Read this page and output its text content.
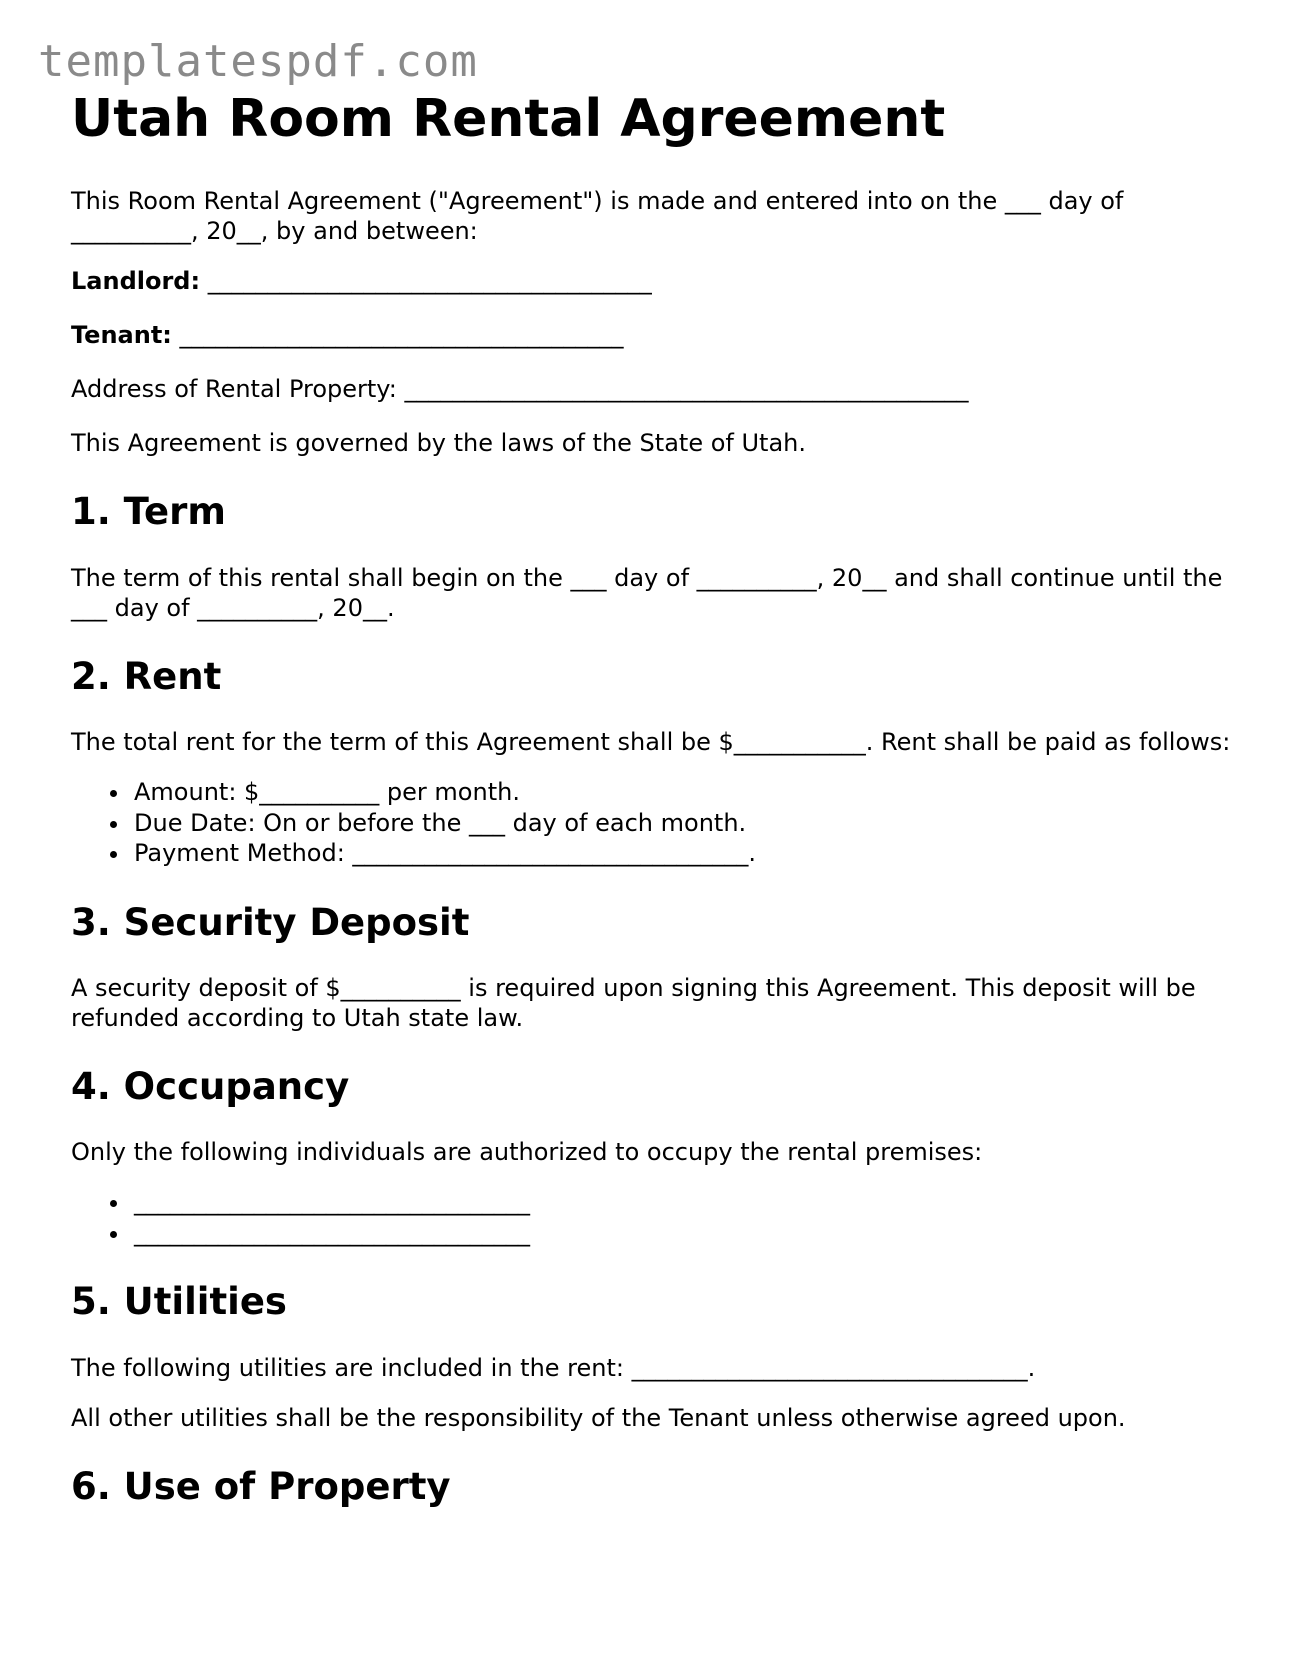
templatespdf.com
Utah Room Rental Agreement

This Room Rental Agreement ("Agreement") is made and entered into on the ___ day of __________, 20__, by and between:

Landlord: _____________________________________

Tenant: _____________________________________

Address of Rental Property: _______________________________________________

This Agreement is governed by the laws of the State of Utah.

1. Term

The term of this rental shall begin on the ___ day of __________, 20__ and shall continue until the ___ day of __________, 20__.

2. Rent

The total rent for the term of this Agreement shall be $___________. Rent shall be paid as follows:

Amount: $__________ per month.
Due Date: On or before the ___ day of each month.
Payment Method: _________________________________.
3. Security Deposit

A security deposit of $__________ is required upon signing this Agreement. This deposit will be refunded according to Utah state law.

4. Occupancy

Only the following individuals are authorized to occupy the rental premises:

_________________________________
_________________________________
5. Utilities

The following utilities are included in the rent: _________________________________.

All other utilities shall be the responsibility of the Tenant unless otherwise agreed upon.

6. Use of Property
